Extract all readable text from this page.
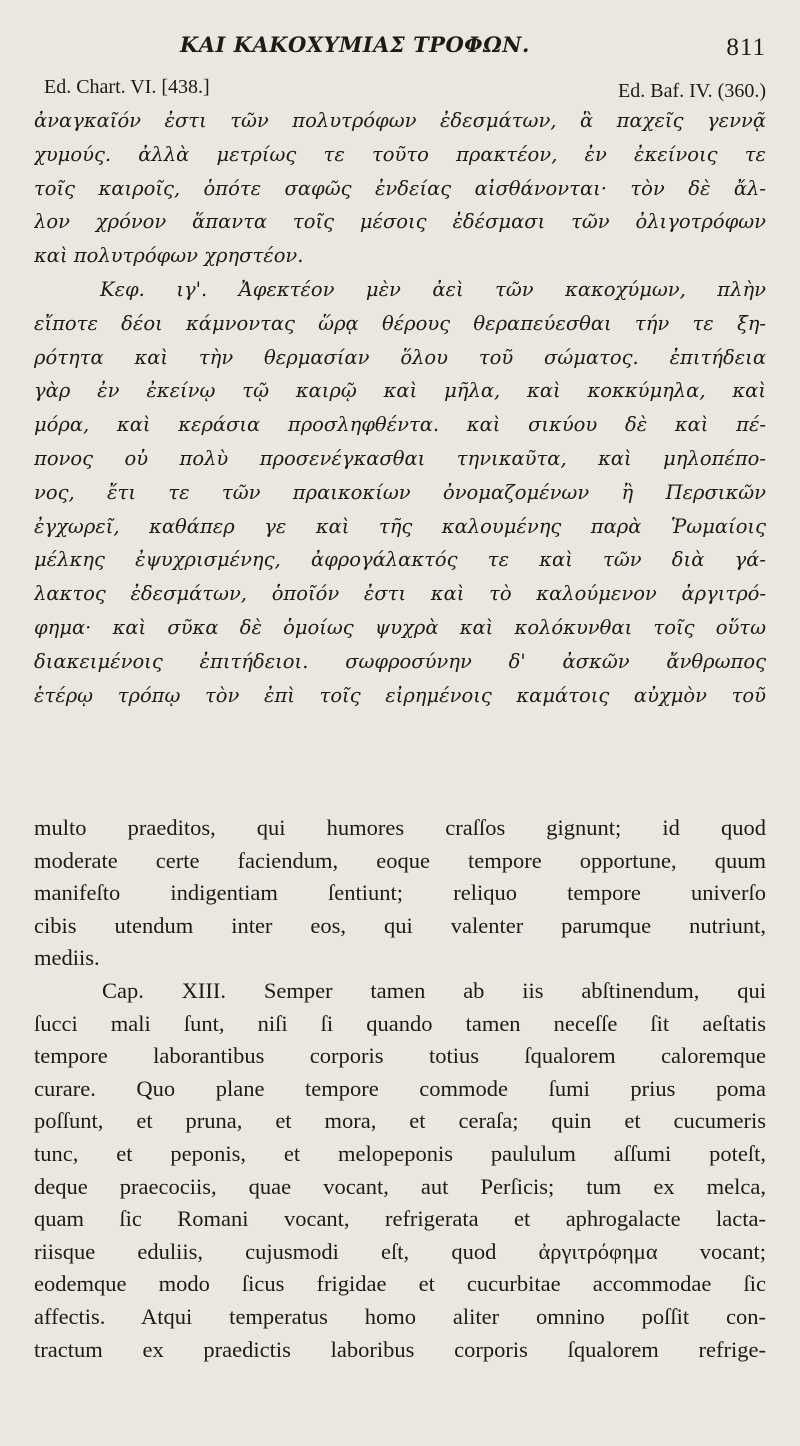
ΚΑΙ ΚΑΚΟΧΥΜΙΑΣ ΤΡΟΦΩΝ.	811
Ed. Chart. VI. [438.]	Ed. Baf. IV. (360.)
ἀναγκαῖόν ἐστι τῶν πολυτρόφων ἐδεσμάτων, ἃ παχεῖς γεννᾷ
χυμούς. ἀλλὰ μετρίως τε τοῦτο πρακτέον, ἐν ἐκείνοις τε
τοῖς καιροῖς, ὁπότε σαφῶς ἐνδείας αἰσθάνονται· τὸν δὲ ἄλ-
λον χρόνον ἅπαντα τοῖς μέσοις ἐδέσμασι τῶν ὀλιγοτρόφων
καὶ πολυτρόφων χρηστέον.
Κεφ. ιγ'. Ἀφεκτέον μὲν ἀεὶ τῶν κακοχύμων, πλὴν
εἴποτε δέοι κάμνοντας ὥρᾳ θέρους θεραπεύεσθαι τήν τε ξη-
ρότητα καὶ τὴν θερμασίαν ὅλου τοῦ σώματος. ἐπιτήδεια
γὰρ ἐν ἐκείνῳ τῷ καιρῷ καὶ μῆλα, καὶ κοκκύμηλα, καὶ
μόρα, καὶ κεράσια προσληφθέντα. καὶ σικύου δὲ καὶ πέ-
πονος οὐ πολὺ προσενέγκασθαι τηνικαῦτα, καὶ μηλοπέπο-
νος, ἔτι τε τῶν πραικοκίων ὀνομαζομένων ἢ Περσικῶν
ἐγχωρεῖ, καθάπερ γε καὶ τῆς καλουμένης παρὰ Ῥωμαίοις
μέλκης ἐψυχρισμένης, ἀφρογάλακτός τε καὶ τῶν διὰ γά-
λακτος ἐδεσμάτων, ὁποῖόν ἐστι καὶ τὸ καλούμενον ἀργιτρό-
φημα· καὶ σῦκα δὲ ὁμοίως ψυχρὰ καὶ κολόκυνθαι τοῖς οὕτω
διακειμένοις ἐπιτήδειοι. σωφροσύνην δ' ἀσκῶν ἄνθρωπος
ἑτέρῳ τρόπῳ τὸν ἐπὶ τοῖς εἰρημένοις καμάτοις αὐχμὸν τοῦ
multo praeditos, qui humores craſſos gignunt; id quod
moderate certe faciendum, eoque tempore opportune, quum
manifeſto indigentiam ſentiunt; reliquo tempore univerſo
cibis utendum inter eos, qui valenter parumque nutriunt,
mediis.
Cap. XIII. Semper tamen ab iis abſtinendum, qui
ſucci mali ſunt, niſi ſi quando tamen neceſſe ſit aeſtatis
tempore laborantibus corporis totius ſqualorem caloremque
curare. Quo plane tempore commode ſumi prius poma
poſſunt, et pruna, et mora, et ceraſa; quin et cucumeris
tunc, et peponis, et melopeponis paululum aſſumi poteſt,
deque praecociis, quae vocant, aut Perſicis; tum ex melca,
quam ſic Romani vocant, refrigerata et aphrogalacte lacta-
riisque eduliis, cujusmodi eſt, quod ἀργιτρόφημα vocant;
eodemque modo ſicus frigidae et cucurbitae accommodae ſic
affectis. Atqui temperatus homo aliter omnino poſſit con-
tractum ex praedictis laboribus corporis ſqualorem refrige-
